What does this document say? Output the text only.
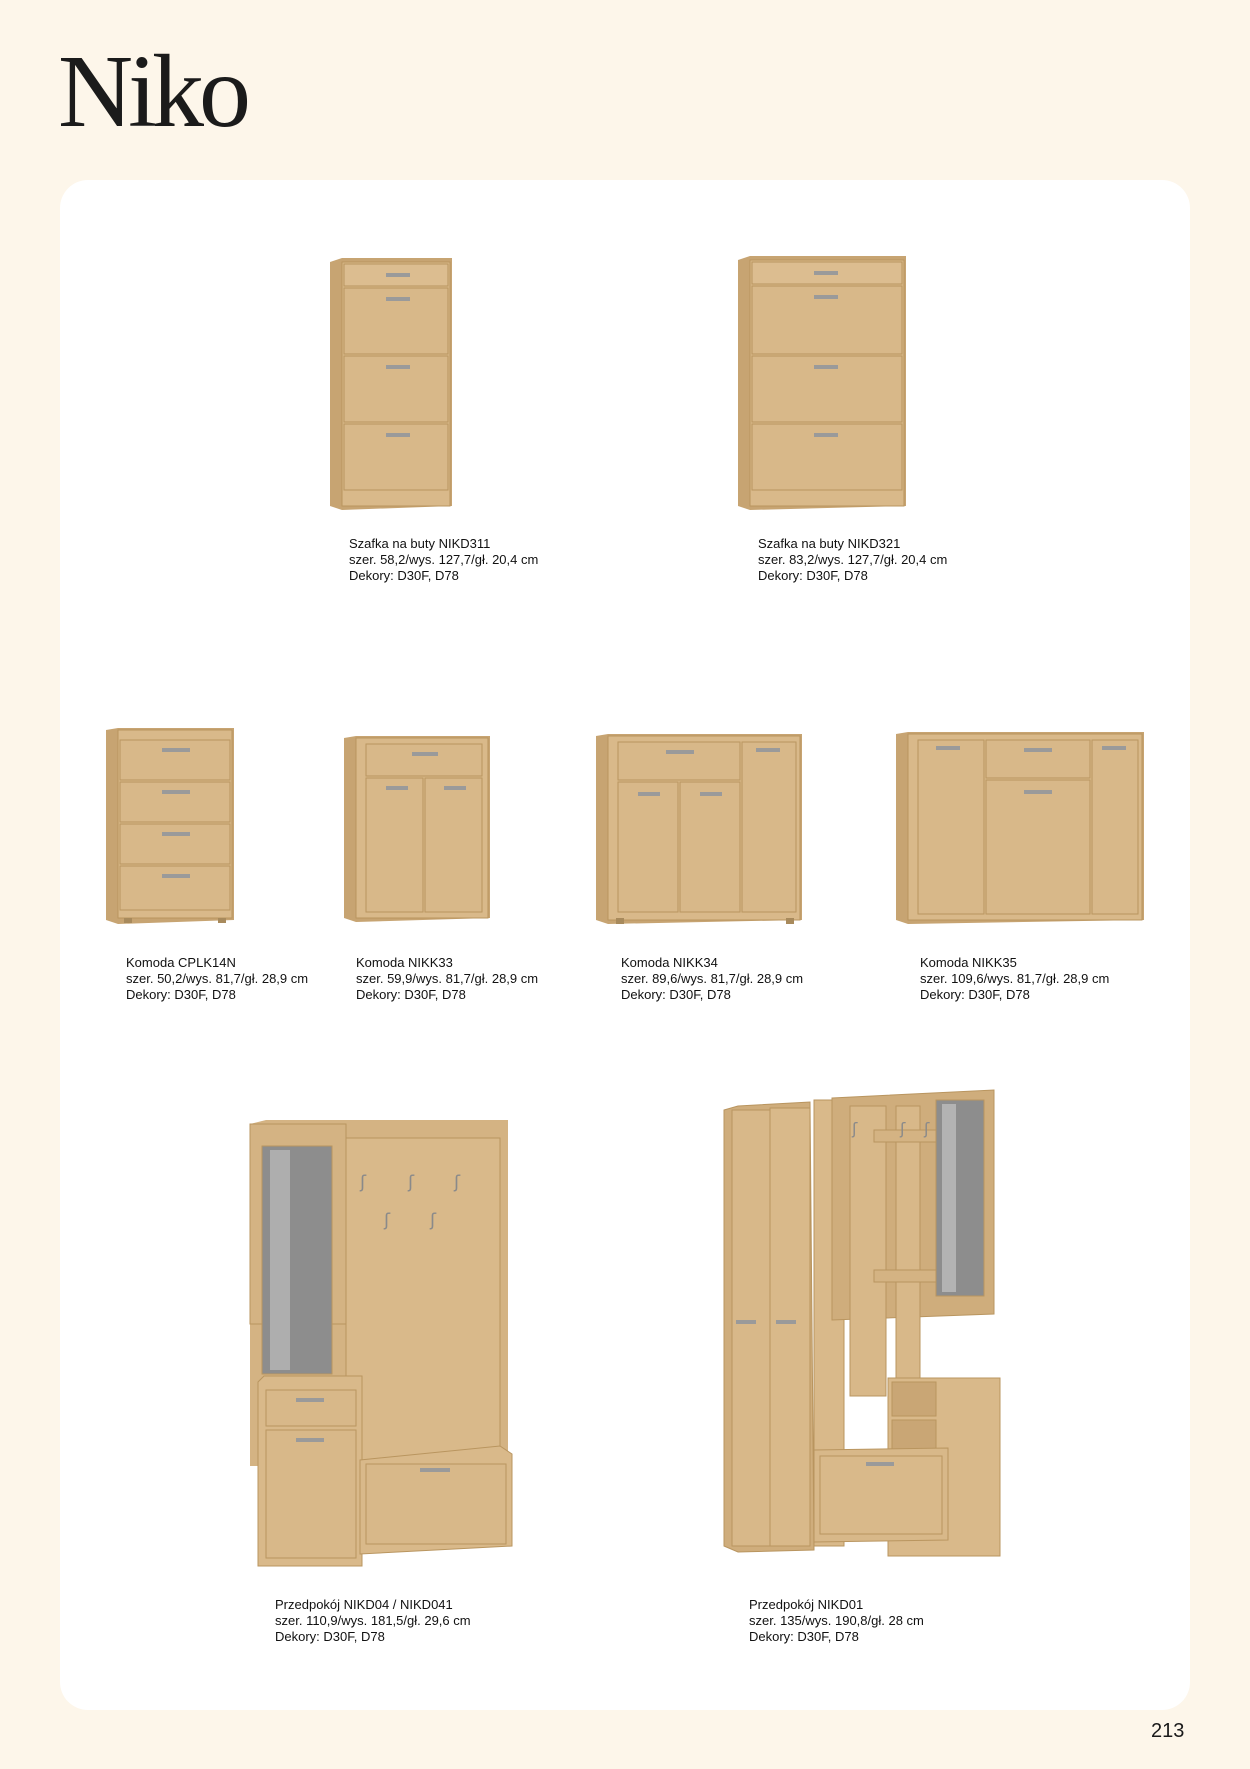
Niko
Szafka na buty NIKD311
szer. 58,2/wys. 127,7/gł. 20,4 cm
Dekory: D30F, D78
Szafka na buty NIKD321
szer. 83,2/wys. 127,7/gł. 20,4 cm
Dekory: D30F, D78
Komoda CPLK14N
szer. 50,2/wys. 81,7/gł. 28,9 cm
Dekory: D30F, D78
Komoda NIKK33
szer. 59,9/wys. 81,7/gł. 28,9 cm
Dekory: D30F, D78
Komoda NIKK34
szer. 89,6/wys. 81,7/gł. 28,9 cm
Dekory: D30F, D78
Komoda NIKK35
szer. 109,6/wys. 81,7/gł. 28,9 cm
Dekory: D30F, D78
ʃ ʃ ʃ
ʃ ʃ
Przedpokój NIKD04 / NIKD041
szer. 110,9/wys. 181,5/gł. 29,6 cm
Dekory: D30F, D78
ʃ	ʃ ʃ
Przedpokój NIKD01
szer. 135/wys. 190,8/gł. 28 cm
Dekory: D30F, D78
213
